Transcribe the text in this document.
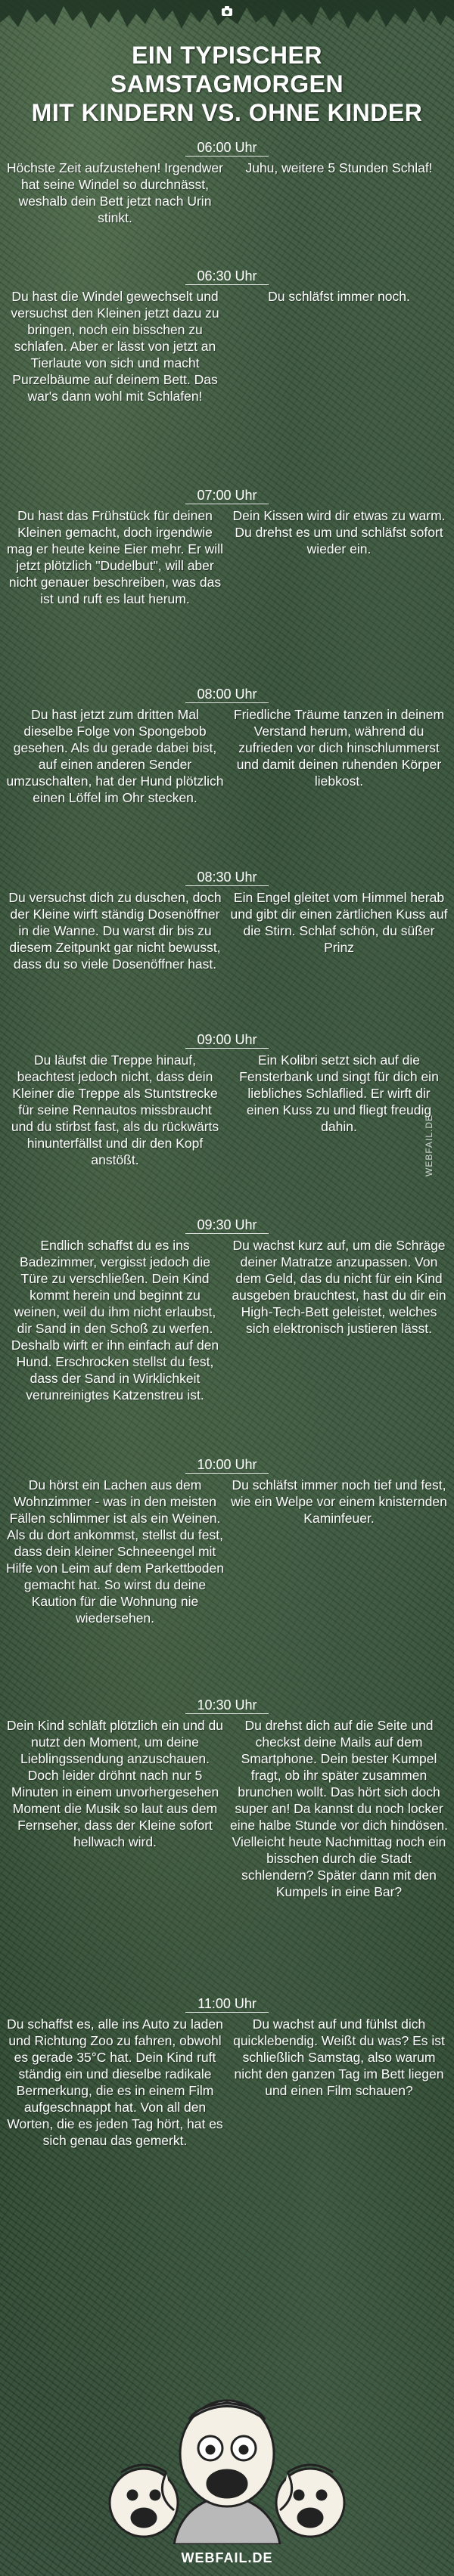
EIN TYPISCHER SAMSTAGMORGEN
MIT KINDERN VS. OHNE KINDER
06:00 Uhr
Höchste Zeit aufzustehen! Irgendwer hat seine Windel so durchnässt, weshalb dein Bett jetzt nach Urin stinkt.
Juhu, weitere 5 Stunden Schlaf!
06:30 Uhr
Du hast die Windel gewechselt und versuchst den Kleinen jetzt dazu zu bringen, noch ein bisschen zu schlafen. Aber er lässt von jetzt an Tierlaute von sich und macht Purzelbäume auf deinem Bett. Das war's dann wohl mit Schlafen!
Du schläfst immer noch.
07:00 Uhr
Du hast das Frühstück für deinen Kleinen gemacht, doch irgendwie mag er heute keine Eier mehr. Er will jetzt plötzlich "Dudelbut", will aber nicht genauer beschreiben, was das ist und ruft es laut herum.
Dein Kissen wird dir etwas zu warm. Du drehst es um und schläfst sofort wieder ein.
08:00 Uhr
Du hast jetzt zum dritten Mal dieselbe Folge von Spongebob gesehen. Als du gerade dabei bist, auf einen anderen Sender umzuschalten, hat der Hund plötzlich einen Löffel im Ohr stecken.
Friedliche Träume tanzen in deinem Verstand herum, während du zufrieden vor dich hinschlummerst und damit deinen ruhenden Körper liebkost.
08:30 Uhr
Du versuchst dich zu duschen, doch der Kleine wirft ständig Dosenöffner in die Wanne. Du warst dir bis zu diesem Zeitpunkt gar nicht bewusst, dass du so viele Dosenöffner hast.
Ein Engel gleitet vom Himmel herab und gibt dir einen zärtlichen Kuss auf die Stirn. Schlaf schön, du süßer Prinz
09:00 Uhr
Du läufst die Treppe hinauf, beachtest jedoch nicht, dass dein Kleiner die Treppe als Stuntstrecke für seine Rennautos missbraucht und du stirbst fast, als du rückwärts hinunterfällst und dir den Kopf anstößt.
Ein Kolibri setzt sich auf die Fensterbank und singt für dich ein liebliches Schlaflied. Er wirft dir einen Kuss zu und fliegt freudig dahin.
09:30 Uhr
Endlich schaffst du es ins Badezimmer, vergisst jedoch die Türe zu verschließen. Dein Kind kommt herein und beginnt zu weinen, weil du ihm nicht erlaubst, dir Sand in den Schoß zu werfen. Deshalb wirft er ihn einfach auf den Hund. Erschrocken stellst du fest, dass der Sand in Wirklichkeit verunreinigtes Katzenstreu ist.
Du wachst kurz auf, um die Schräge deiner Matratze anzupassen. Von dem Geld, das du nicht für ein Kind ausgeben brauchtest, hast du dir ein High-Tech-Bett geleistet, welches sich elektronisch justieren lässt.
10:00 Uhr
Du hörst ein Lachen aus dem Wohnzimmer - was in den meisten Fällen schlimmer ist als ein Weinen. Als du dort ankommst, stellst du fest, dass dein kleiner Schneeengel mit Hilfe von Leim auf dem Parkettboden gemacht hat. So wirst du deine Kaution für die Wohnung nie wiedersehen.
Du schläfst immer noch tief und fest, wie ein Welpe vor einem knisternden Kaminfeuer.
10:30 Uhr
Dein Kind schläft plötzlich ein und du nutzt den Moment, um deine Lieblingssendung anzuschauen. Doch leider dröhnt nach nur 5 Minuten in einem unvorhergesehen Moment die Musik so laut aus dem Fernseher, dass der Kleine sofort hellwach wird.
Du drehst dich auf die Seite und checkst deine Mails auf dem Smartphone. Dein bester Kumpel fragt, ob ihr später zusammen brunchen wollt. Das hört sich doch super an! Da kannst du noch locker eine halbe Stunde vor dich hindösen. Vielleicht heute Nachmittag noch ein bisschen durch die Stadt schlendern? Später dann mit den Kumpels in eine Bar?
11:00 Uhr
Du schaffst es, alle ins Auto zu laden und Richtung Zoo zu fahren, obwohl es gerade 35°C hat. Dein Kind ruft ständig ein und dieselbe radikale Bermerkung, die es in einem Film aufgeschnappt hat. Von all den Worten, die es jeden Tag hört, hat es sich genau das gemerkt.
Du wachst auf und fühlst dich quicklebendig. Weißt du was? Es ist schließlich Samstag, also warum nicht den ganzen Tag im Bett liegen und einen Film schauen?
WEBFAIL.DE
WEBFAIL.DE
